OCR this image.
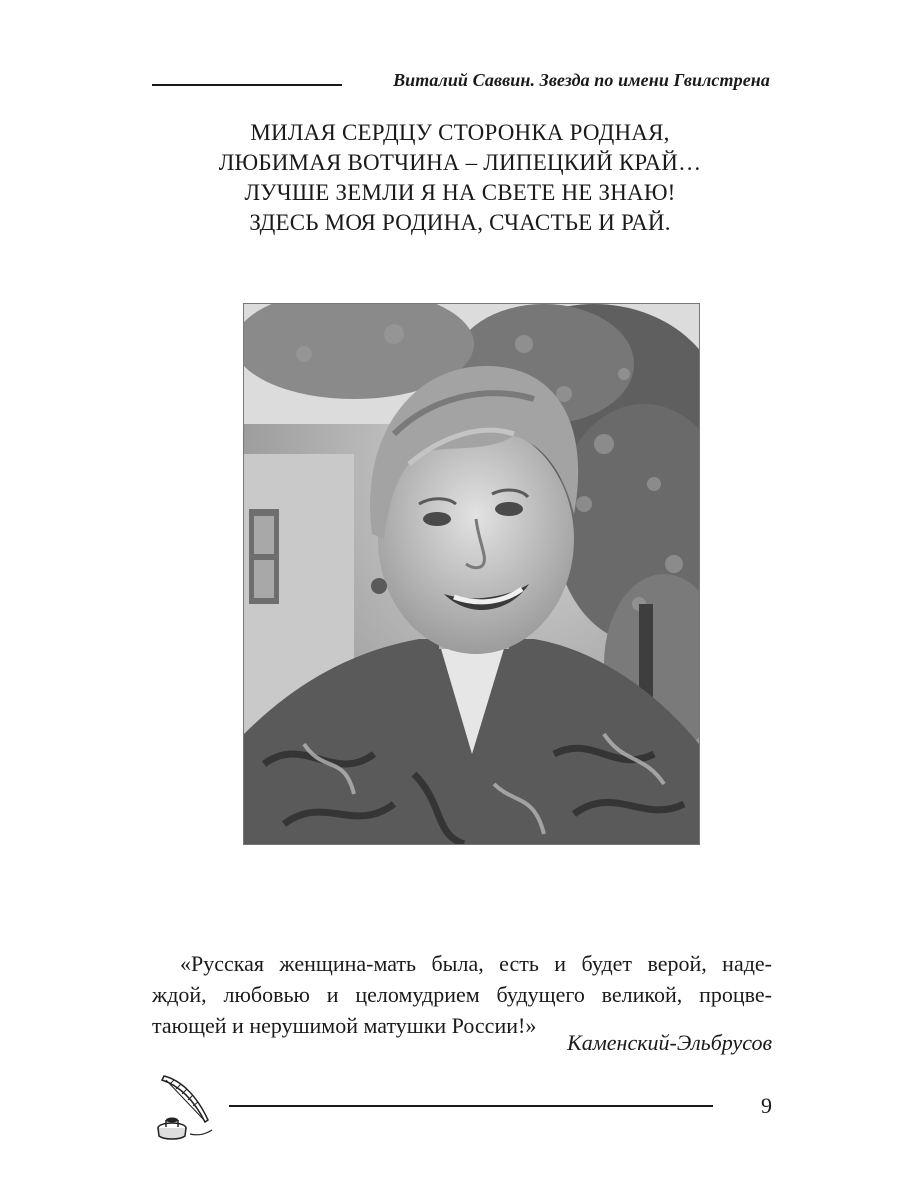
Виталий Саввин. Звезда по имени Гвилстрена
МИЛАЯ СЕРДЦУ СТОРОНКА РОДНАЯ,
ЛЮБИМАЯ ВОТЧИНА – ЛИПЕЦКИЙ КРАЙ…
ЛУЧШЕ ЗЕМЛИ Я НА СВЕТЕ НЕ ЗНАЮ!
ЗДЕСЬ МОЯ РОДИНА, СЧАСТЬЕ И РАЙ.
«Русская женщина-мать была, есть и будет верой, наде-
ждой, любовью и целомудрием будущего великой, процве-
тающей и нерушимой матушки России!»
Каменский-Эльбрусов
9
